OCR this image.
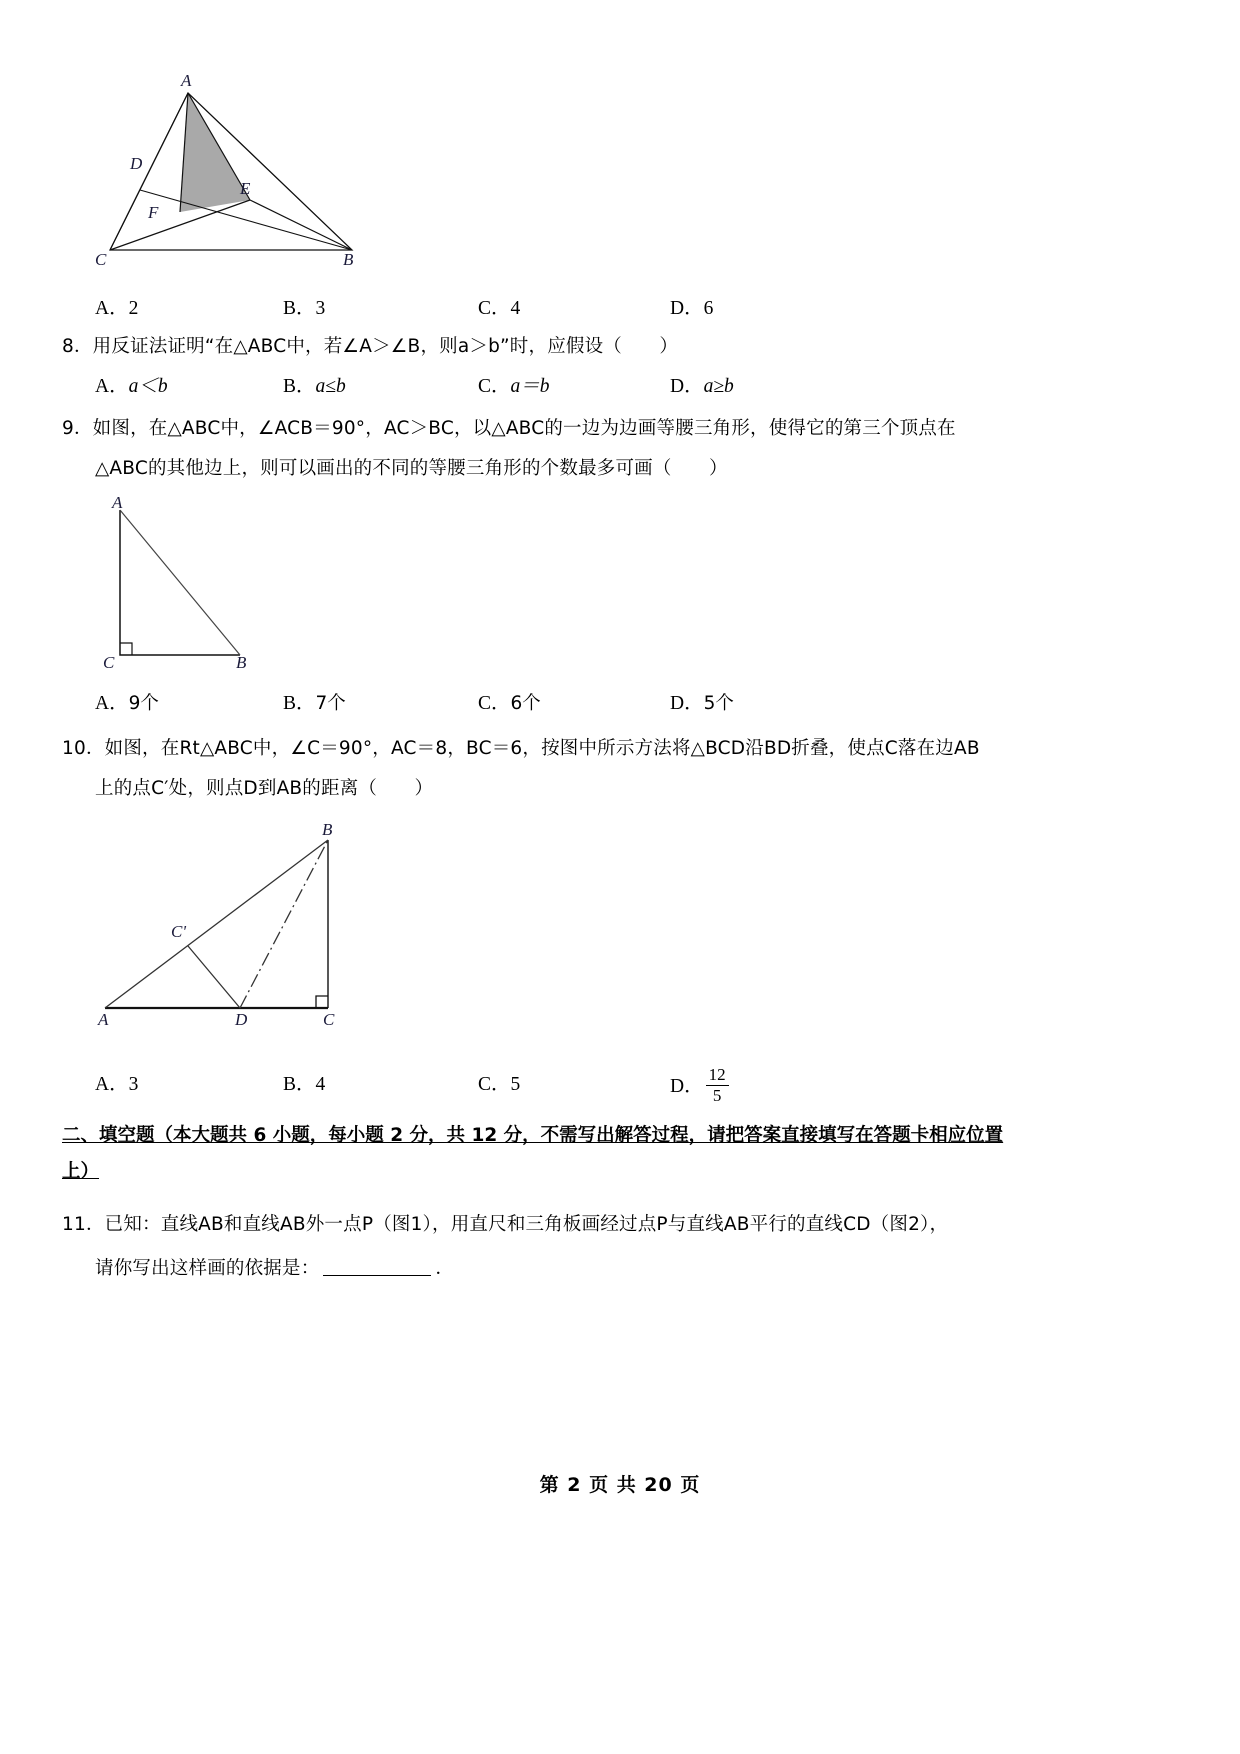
A
D
E
F
C	B
A．2	B．3	C．4	D．6
8．用反证法证明“在△ABC中，若∠A＞∠B，则a＞b”时，应假设（　　）
A．a＜b	B．a≤b	C．a＝b	D．a≥b
9．如图，在△ABC中，∠ACB＝90°，AC＞BC，以△ABC的一边为边画等腰三角形，使得它的第三个顶点在
△ABC的其他边上，则可以画出的不同的等腰三角形的个数最多可画（　　）
A
C	B
A．9个	B．7个	C．6个	D．5个
10．如图，在Rt△ABC中，∠C＝90°，AC＝8，BC＝6，按图中所示方法将△BCD沿BD折叠，使点C落在边AB
上的点C′处，则点D到AB的距离（　　）
B
C'
A	D	C
A．3	B．4	C．5	D． $\frac{12}{5}$
二、填空题（本大题共 6 小题，每小题 2 分，共 12 分，不需写出解答过程，请把答案直接填写在答题卡相应位置
上）
11．已知：直线AB和直线AB外一点P（图1），用直尺和三角板画经过点P与直线AB平行的直线CD（图2），
请你写出这样画的依据是：	．
第 2 页 共 20 页
